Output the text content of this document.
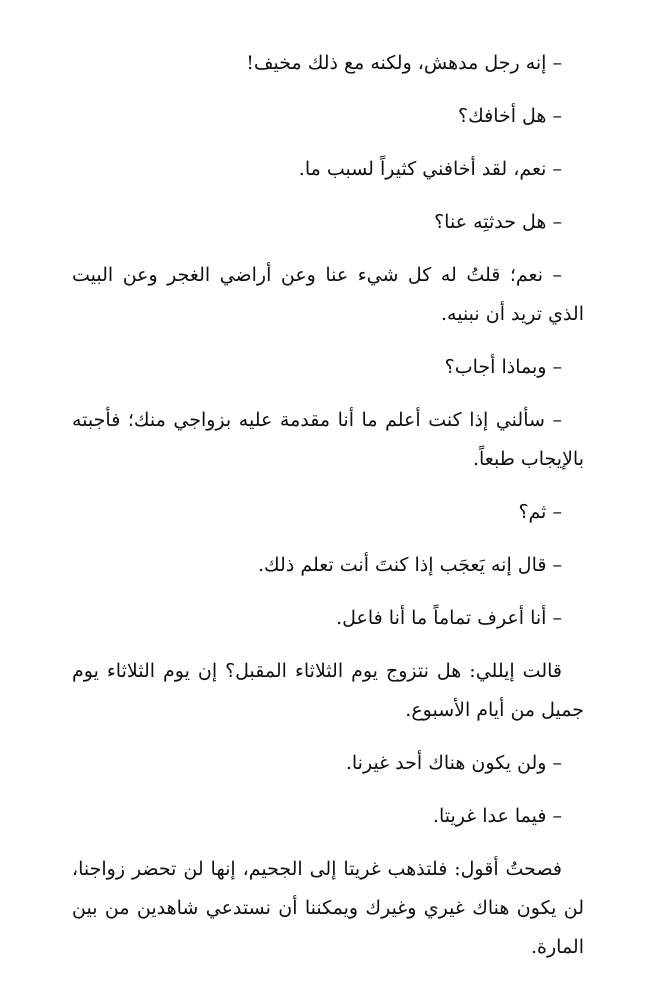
– إنه رجل مدهش، ولكنه مع ذلك مخيف!

– هل أخافك؟

– نعم، لقد أخافني كثيراً لسبب ما.

– هل حدثتِه عنا؟

– نعم؛ قلتُ له كل شيء عنا وعن أراضي الغجر وعن البيت الذي تريد أن نبنيه.

– وبماذا أجاب؟

– سألني إذا كنت أعلم ما أنا مقدمة عليه بزواجي منك؛ فأجبته بالإيجاب طبعاً.

– ثم؟

– قال إنه يَعجَب إذا كنتَ أنت تعلم ذلك.

– أنا أعرف تماماً ما أنا فاعل.

قالت إيللي: هل نتزوج يوم الثلاثاء المقبل؟ إن يوم الثلاثاء يوم جميل من أيام الأسبوع.

– ولن يكون هناك أحد غيرنا.

– فيما عدا غريتا.

فصحتُ أقول: فلتذهب غريتا إلى الجحيم، إنها لن تحضر زواجنا، لن يكون هناك غيري وغيرك ويمكننا أن نستدعي شاهدين من بين المارة.
